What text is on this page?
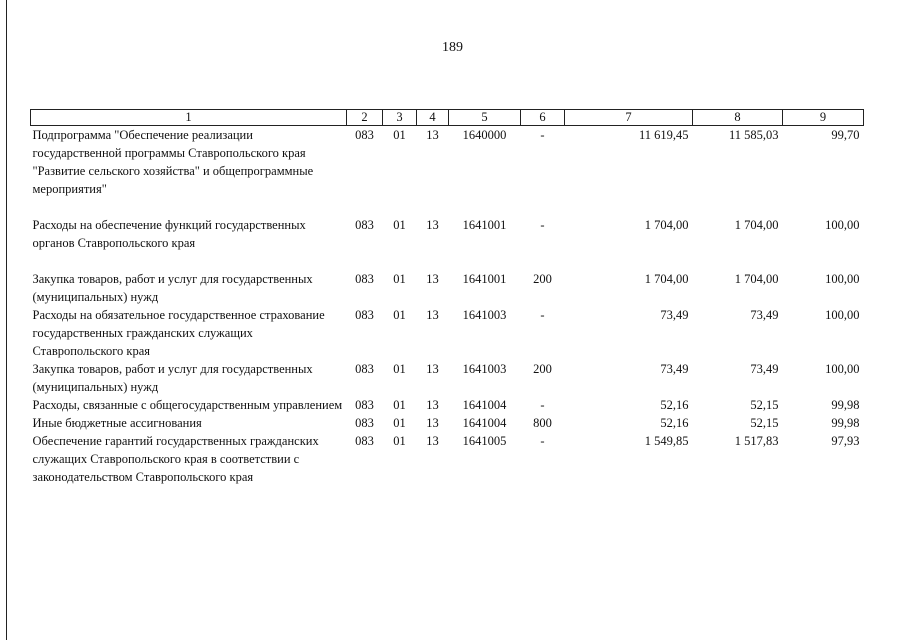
189
1	2	3	4	5	6	7	8	9
Подпрограмма "Обеспечение реализации государственной программы Ставропольского края "Развитие сельского хозяйства" и общепрограммные мероприятия"	083	01	13	1640000	-	11 619,45	11 585,03	99,70
Расходы на обеспечение функций государственных органов Ставропольского края	083	01	13	1641001	-	1 704,00	1 704,00	100,00
Закупка товаров, работ и услуг для государственных (муниципальных) нужд	083	01	13	1641001	200	1 704,00	1 704,00	100,00
Расходы на обязательное государственное страхование государственных гражданских служащих Ставропольского края	083	01	13	1641003	-	73,49	73,49	100,00
Закупка товаров, работ и услуг для государственных (муниципальных) нужд	083	01	13	1641003	200	73,49	73,49	100,00
Расходы, связанные с общегосударственным управлением	083	01	13	1641004	-	52,16	52,15	99,98
Иные бюджетные ассигнования	083	01	13	1641004	800	52,16	52,15	99,98
Обеспечение гарантий государственных гражданских служащих Ставропольского края в соответствии с законодательством Ставропольского края	083	01	13	1641005	-	1 549,85	1 517,83	97,93
